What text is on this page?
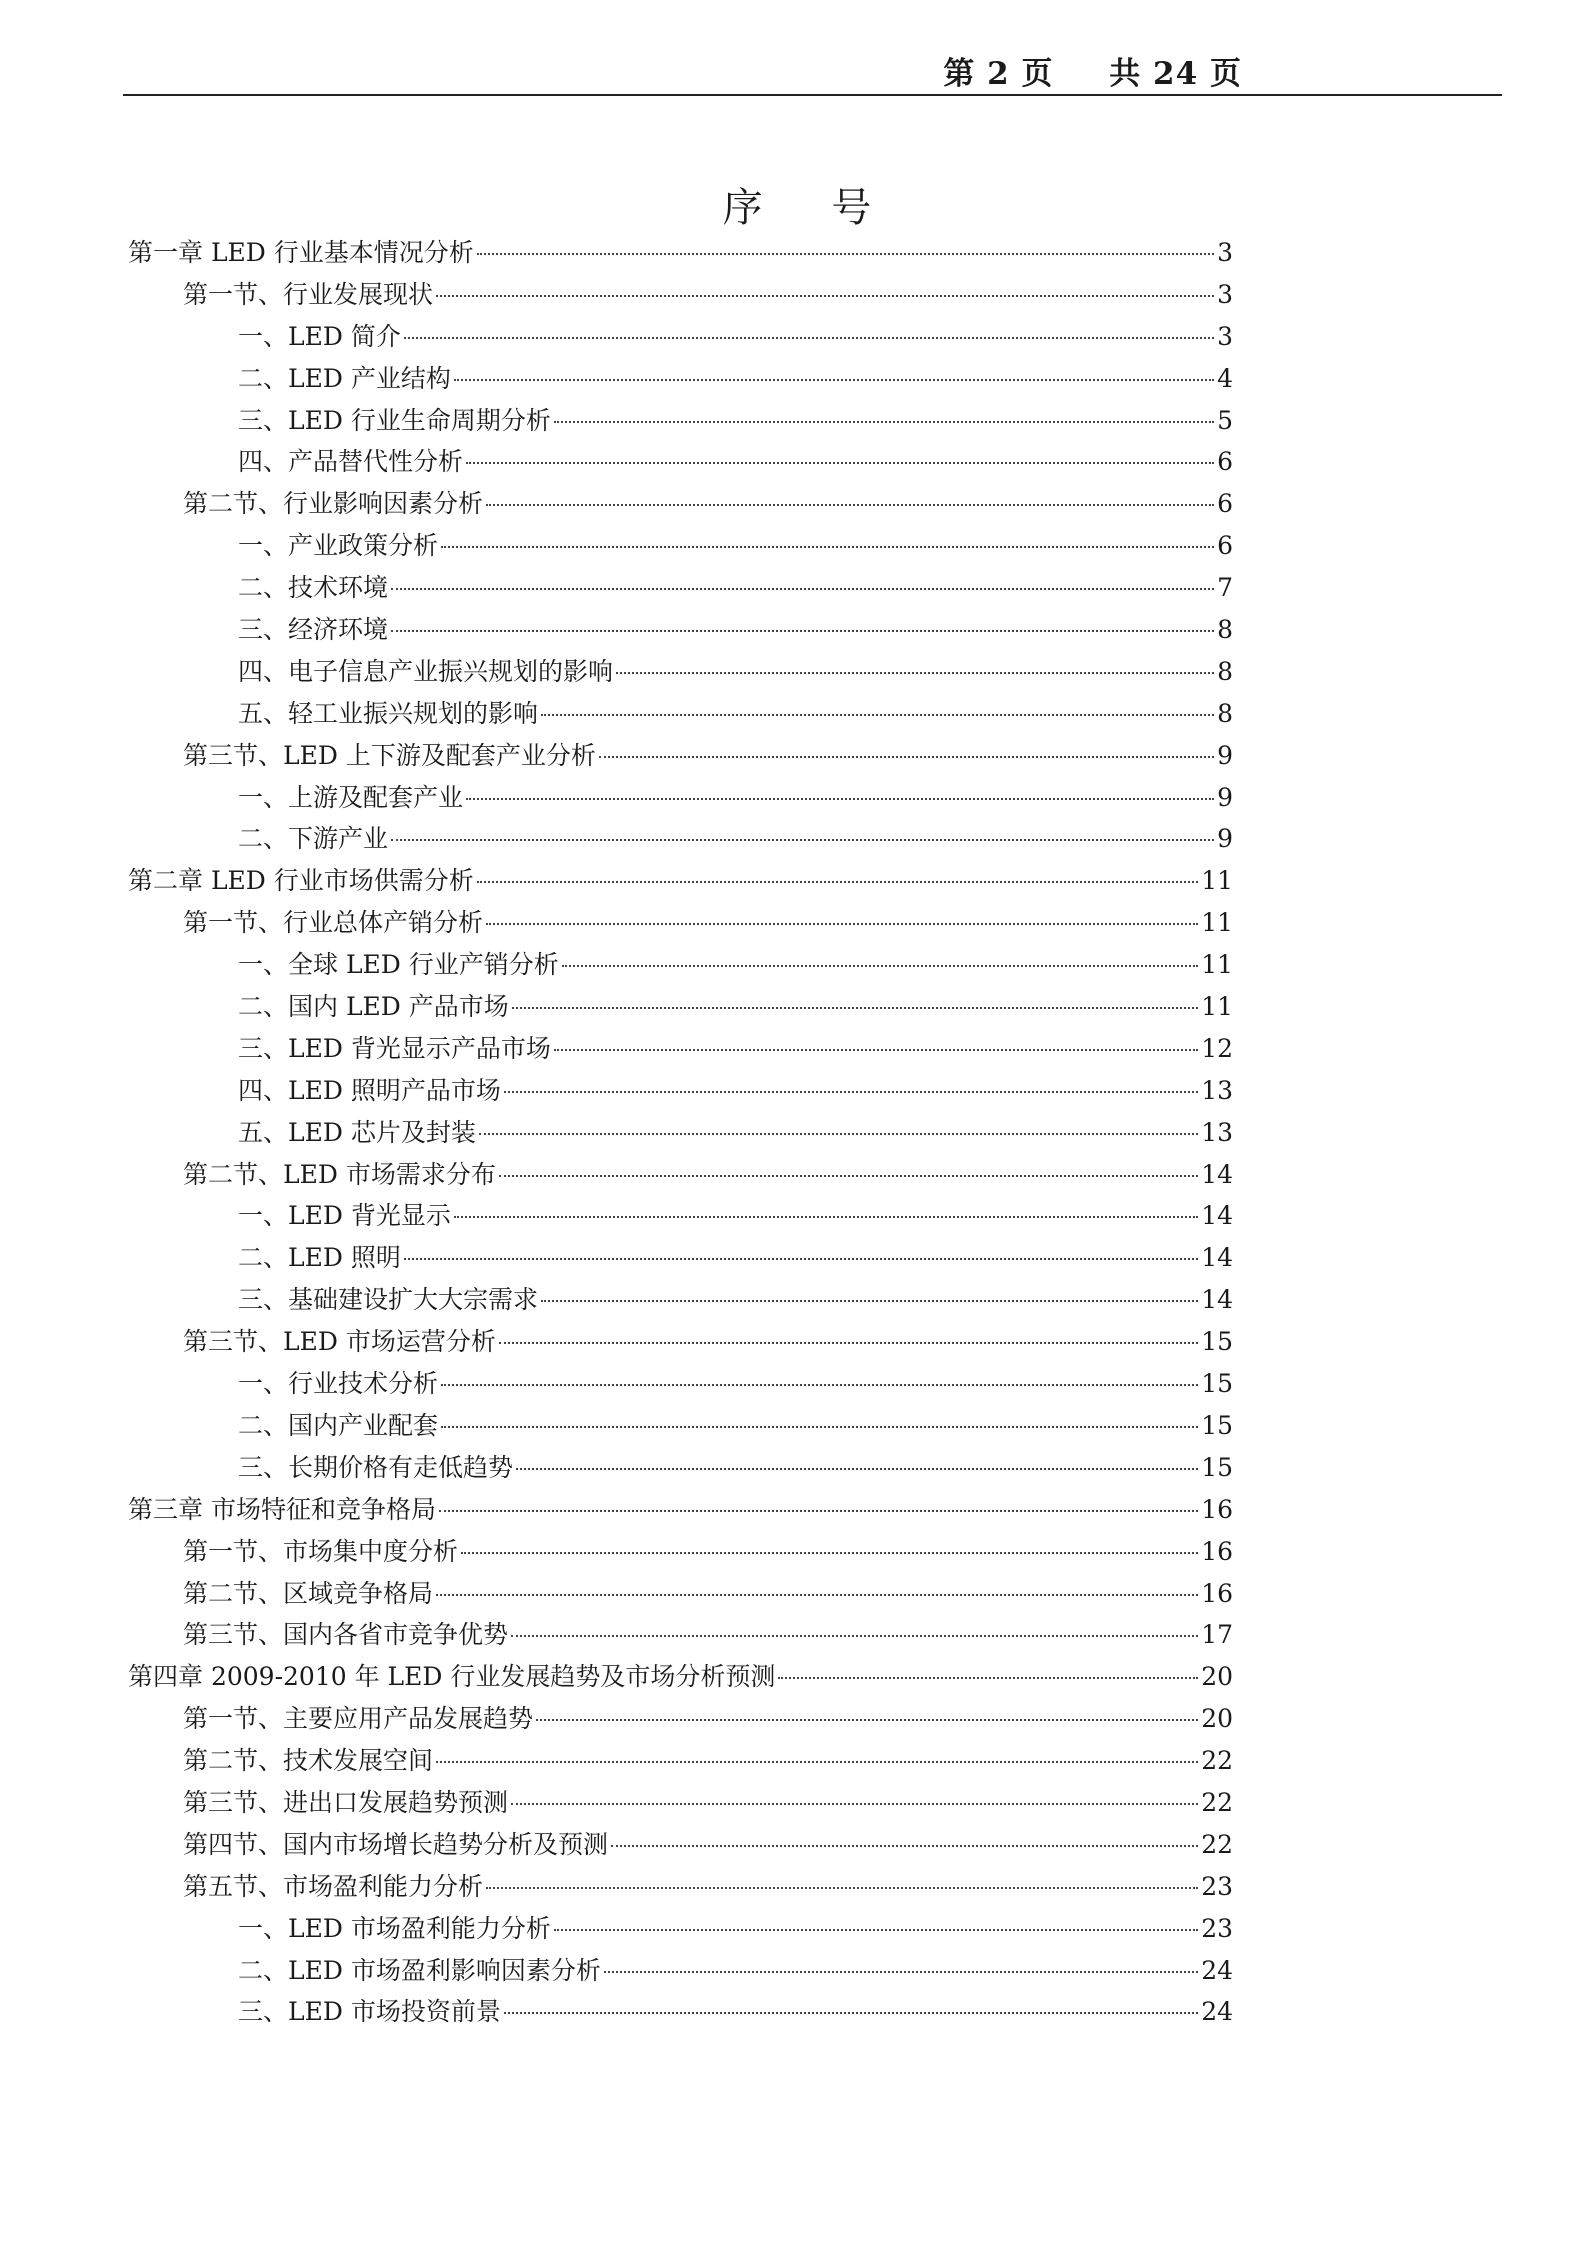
第 2 页 共 24 页
序 号
第一章 LED 行业基本情况分析	3
第一节、行业发展现状	3
一、LED 简介	3
二、LED 产业结构	4
三、LED 行业生命周期分析	5
四、产品替代性分析	6
第二节、行业影响因素分析	6
一、产业政策分析	6
二、技术环境	7
三、经济环境	8
四、电子信息产业振兴规划的影响	8
五、轻工业振兴规划的影响	8
第三节、LED 上下游及配套产业分析	9
一、上游及配套产业	9
二、下游产业	9
第二章 LED 行业市场供需分析	11
第一节、行业总体产销分析	11
一、全球 LED 行业产销分析	11
二、国内 LED 产品市场	11
三、LED 背光显示产品市场	12
四、LED 照明产品市场	13
五、LED 芯片及封装	13
第二节、LED 市场需求分布	14
一、LED 背光显示	14
二、LED 照明	14
三、基础建设扩大大宗需求	14
第三节、LED 市场运营分析	15
一、行业技术分析	15
二、国内产业配套	15
三、长期价格有走低趋势	15
第三章 市场特征和竞争格局	16
第一节、市场集中度分析	16
第二节、区域竞争格局	16
第三节、国内各省市竞争优势	17
第四章 2009-2010 年 LED 行业发展趋势及市场分析预测	20
第一节、主要应用产品发展趋势	20
第二节、技术发展空间	22
第三节、进出口发展趋势预测	22
第四节、国内市场增长趋势分析及预测	22
第五节、市场盈利能力分析	23
一、LED 市场盈利能力分析	23
二、LED 市场盈利影响因素分析	24
三、LED 市场投资前景	24
